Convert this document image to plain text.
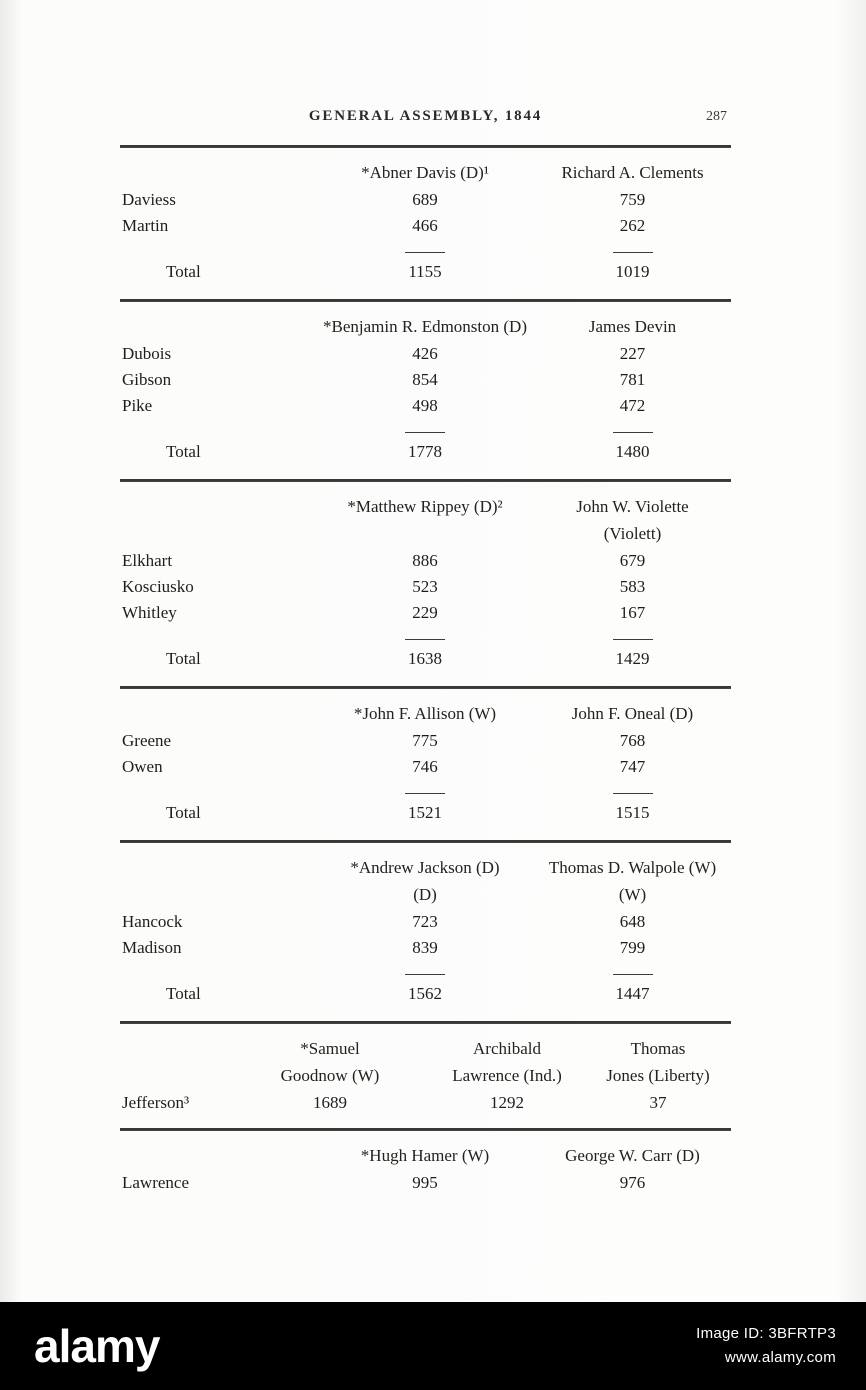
GENERAL ASSEMBLY, 1844	287
*Abner Davis (D)¹	Richard A. Clements
Daviess	689	759
Martin	466	262
Total	1155	1019
*Benjamin R. Edmonston (D)	James Devin
Dubois	426	227
Gibson	854	781
Pike	498	472
Total	1778	1480
*Matthew Rippey (D)²	John W. Violette
(Violett)
Elkhart	886	679
Kosciusko	523	583
Whitley	229	167
Total	1638	1429
*John F. Allison (W)	John F. Oneal (D)
Greene	775	768
Owen	746	747
Total	1521	1515
*Andrew Jackson (D)	Thomas D. Walpole (W)
(D)	(W)
Hancock	723	648
Madison	839	799
Total	1562	1447
*Samuel	Archibald	Thomas
Goodnow (W)	Lawrence (Ind.)	Jones (Liberty)
Jefferson³	1689	1292	37
*Hugh Hamer (W)	George W. Carr (D)
Lawrence	995	976
alamy	Image ID: 3BFRTP3
www.alamy.com
